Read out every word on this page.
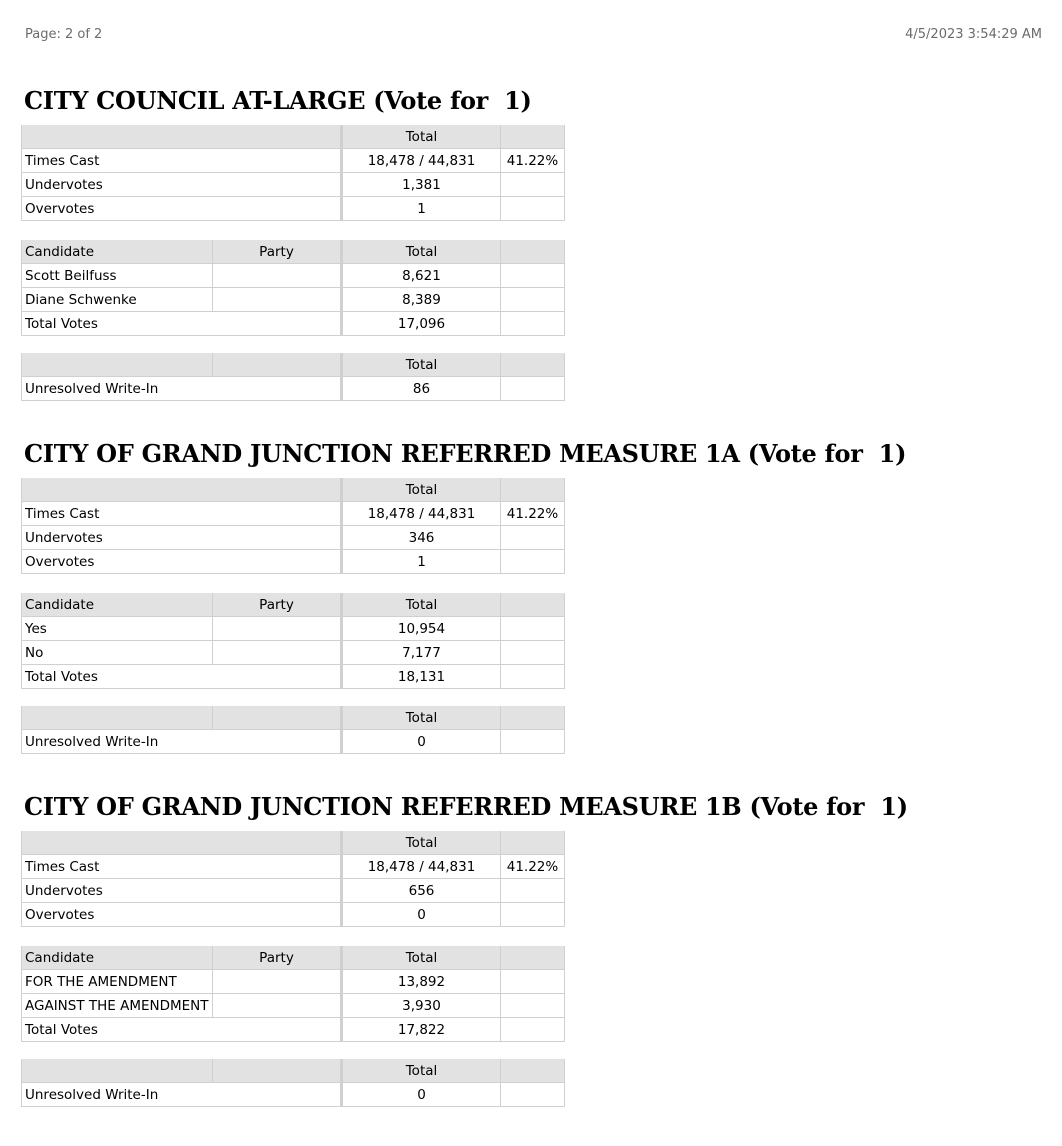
Page: 2 of 2	4/5/2023 3:54:29 AM
CITY COUNCIL AT-LARGE (Vote for  1)
	Total	
Times Cast	18,478 / 44,831	41.22%
Undervotes	1,381	
Overvotes	1	
Candidate	Party	Total	
Scott Beilfuss		8,621	
Diane Schwenke		8,389	
Total Votes		17,096	
		Total	
Unresolved Write-In		86	
CITY OF GRAND JUNCTION REFERRED MEASURE 1A (Vote for  1)
	Total	
Times Cast	18,478 / 44,831	41.22%
Undervotes	346	
Overvotes	1	
Candidate	Party	Total	
Yes		10,954	
No		7,177	
Total Votes		18,131	
		Total	
Unresolved Write-In		0	
CITY OF GRAND JUNCTION REFERRED MEASURE 1B (Vote for  1)
	Total	
Times Cast	18,478 / 44,831	41.22%
Undervotes	656	
Overvotes	0	
Candidate	Party	Total	
FOR THE AMENDMENT		13,892	
AGAINST THE AMENDMENT		3,930	
Total Votes		17,822	
		Total	
Unresolved Write-In		0	
